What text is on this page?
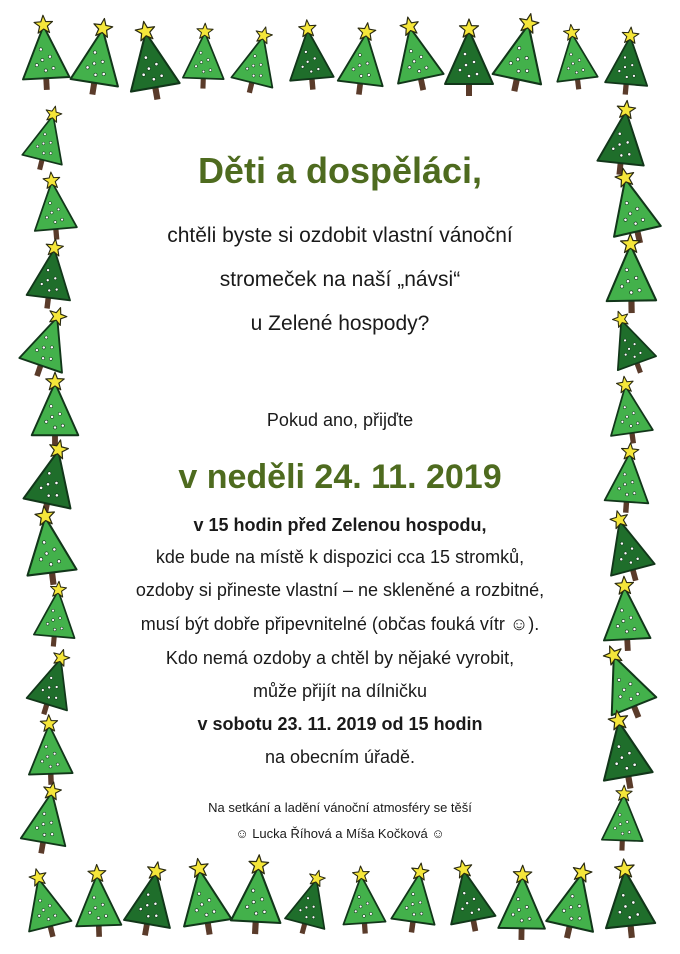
Děti a dospěláci,
chtěli byste si ozdobit vlastní vánoční
stromeček na naší „návsi“
u Zelené hospody?
Pokud ano, přijďte
v neděli 24. 11. 2019
v 15 hodin před Zelenou hospodu,
kde bude na místě k dispozici cca 15 stromků,
ozdoby si přineste vlastní – ne skleněné a rozbitné,
musí být dobře připevnitelné (občas fouká vítr ☺).
Kdo nemá ozdoby a chtěl by nějaké vyrobit,
může přijít na dílničku
v sobotu 23. 11. 2019 od 15 hodin
na obecním úřadě.
Na setkání a ladění vánoční atmosféry se těší
☺ Lucka Říhová a Míša Kočková ☺
